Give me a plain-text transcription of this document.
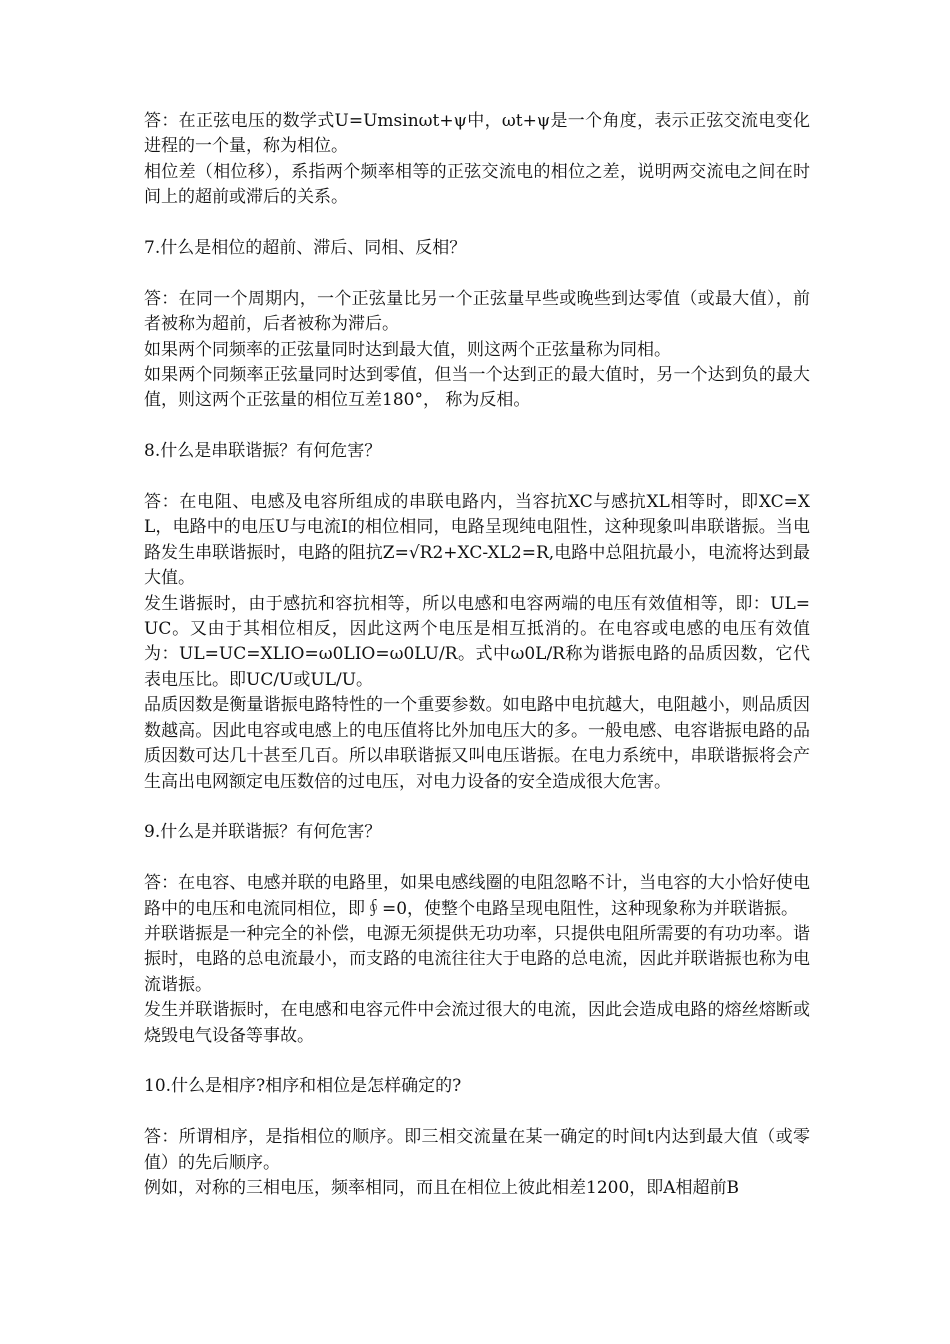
答：在正弦电压的数学式U=Umsinωt+ψ中，ωt+ψ是一个角度，表示正弦交流电变化进程的一个量，称为相位。

相位差（相位移），系指两个频率相等的正弦交流电的相位之差，说明两交流电之间在时间上的超前或滞后的关系。

7.什么是相位的超前、滞后、同相、反相？

答：在同一个周期内，一个正弦量比另一个正弦量早些或晚些到达零值（或最大值），前者被称为超前，后者被称为滞后。

如果两个同频率的正弦量同时达到最大值，则这两个正弦量称为同相。

如果两个同频率正弦量同时达到零值，但当一个达到正的最大值时，另一个达到负的最大值，则这两个正弦量的相位互差180°， 称为反相。

8.什么是串联谐振？有何危害？

答：在电阻、电感及电容所组成的串联电路内，当容抗XC与感抗XL相等时，即XC=XL，电路中的电压U与电流I的相位相同，电路呈现纯电阻性，这种现象叫串联谐振。当电路发生串联谐振时，电路的阻抗Z=√R2+XC-XL2=R,电路中总阻抗最小，电流将达到最大值。

发生谐振时，由于感抗和容抗相等，所以电感和电容两端的电压有效值相等，即：UL=UC。又由于其相位相反，因此这两个电压是相互抵消的。在电容或电感的电压有效值为：UL=UC=XLIO=ω0LIO=ω0LU/R。式中ω0L/R称为谐振电路的品质因数，它代表电压比。即UC/U或UL/U。

品质因数是衡量谐振电路特性的一个重要参数。如电路中电抗越大，电阻越小，则品质因数越高。因此电容或电感上的电压值将比外加电压大的多。一般电感、电容谐振电路的品质因数可达几十甚至几百。所以串联谐振又叫电压谐振。在电力系统中，串联谐振将会产生高出电网额定电压数倍的过电压，对电力设备的安全造成很大危害。

9.什么是并联谐振？有何危害？

答：在电容、电感并联的电路里，如果电感线圈的电阻忽略不计，当电容的大小恰好使电路中的电压和电流同相位，即∮=0，使整个电路呈现电阻性，这种现象称为并联谐振。

并联谐振是一种完全的补偿，电源无须提供无功功率，只提供电阻所需要的有功功率。谐振时，电路的总电流最小，而支路的电流往往大于电路的总电流，因此并联谐振也称为电流谐振。

发生并联谐振时，在电感和电容元件中会流过很大的电流，因此会造成电路的熔丝熔断或烧毁电气设备等事故。

10.什么是相序?相序和相位是怎样确定的?

答：所谓相序，是指相位的顺序。即三相交流量在某一确定的时间t内达到最大值（或零值）的先后顺序。

例如，对称的三相电压，频率相同，而且在相位上彼此相差1200，即A相超前B
